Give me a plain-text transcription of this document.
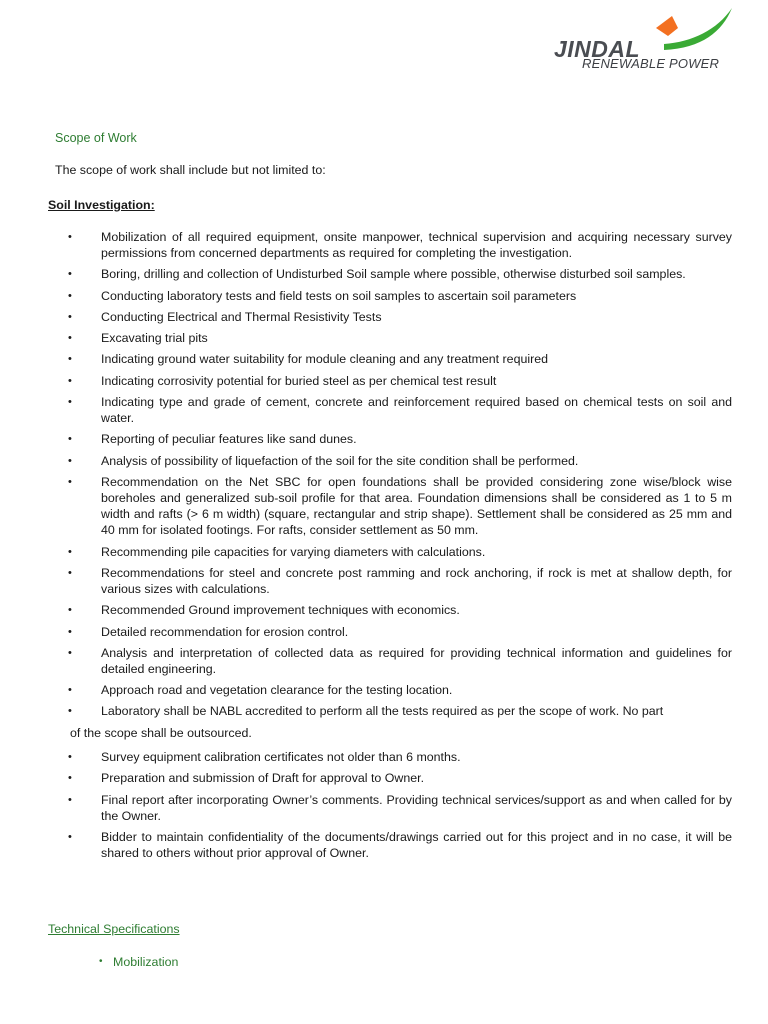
JINDAL
RENEWABLE POWER
Scope of Work
The scope of work shall include but not limited to:
Soil Investigation:
• Mobilization of all required equipment, onsite manpower, technical supervision and acquiring necessary survey permissions from concerned departments as required for completing the investigation.
• Boring, drilling and collection of Undisturbed Soil sample where possible, otherwise disturbed soil samples.
• Conducting laboratory tests and field tests on soil samples to ascertain soil parameters
• Conducting Electrical and Thermal Resistivity Tests
• Excavating trial pits
• Indicating ground water suitability for module cleaning and any treatment required
• Indicating corrosivity potential for buried steel as per chemical test result
• Indicating type and grade of cement, concrete and reinforcement required based on chemical tests on soil and water.
• Reporting of peculiar features like sand dunes.
• Analysis of possibility of liquefaction of the soil for the site condition shall be performed.
• Recommendation on the Net SBC for open foundations shall be provided considering zone wise/block wise boreholes and generalized sub-soil profile for that area. Foundation dimensions shall be considered as 1 to 5 m width and rafts (> 6 m width) (square, rectangular and strip shape). Settlement shall be considered as 25 mm and 40 mm for isolated footings. For rafts, consider settlement as 50 mm.
• Recommending pile capacities for varying diameters with calculations.
• Recommendations for steel and concrete post ramming and rock anchoring, if rock is met at shallow depth, for various sizes with calculations.
• Recommended Ground improvement techniques with economics.
• Detailed recommendation for erosion control.
• Analysis and interpretation of collected data as required for providing technical information and guidelines for detailed engineering.
• Approach road and vegetation clearance for the testing location.
• Laboratory shall be NABL accredited to perform all the tests required as per the scope of work. No part
• Survey equipment calibration certificates not older than 6 months.
• Preparation and submission of Draft for approval to Owner.
• Final report after incorporating Owner’s comments. Providing technical services/support as and when called for by the Owner.
• Bidder to maintain confidentiality of the documents/drawings carried out for this project and in no case, it will be shared to others without prior approval of Owner.
of the scope shall be outsourced.
Technical Specifications
• Mobilization
